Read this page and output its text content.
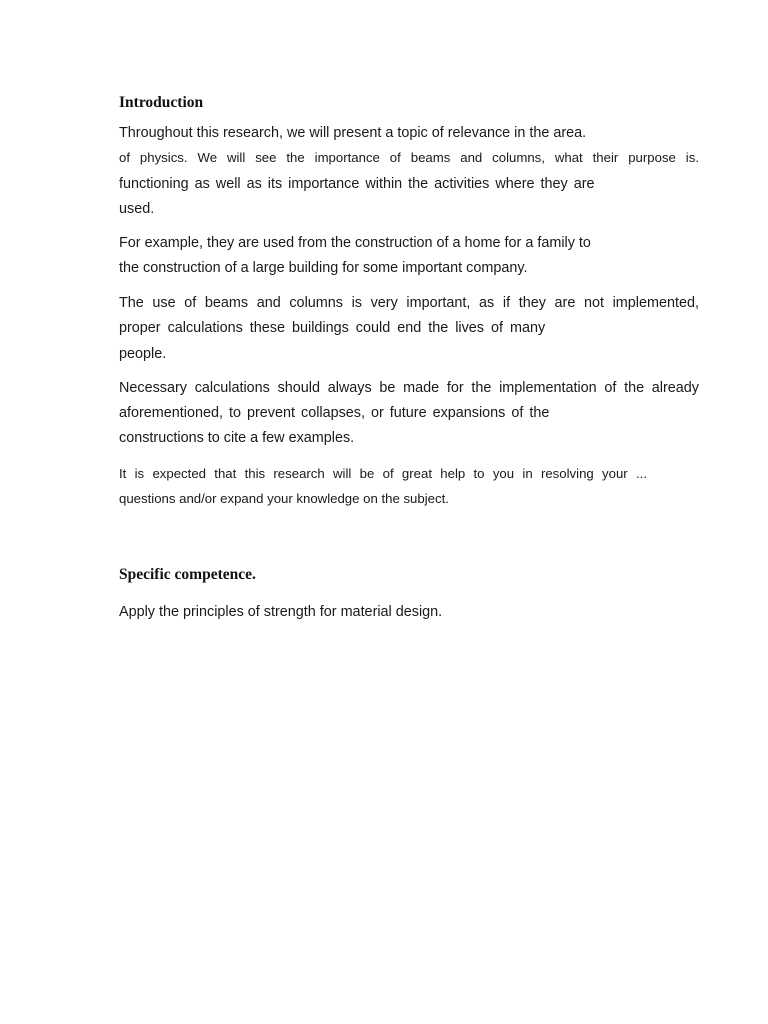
Introduction

Throughout this research, we will present a topic of relevance in the area.

of physics. We will see the importance of beams and columns, what their purpose is.

functioning as well as its importance within the activities where they are

used.

For example, they are used from the construction of a home for a family to

the construction of a large building for some important company.

The use of beams and columns is very important, as if they are not implemented,

proper calculations these buildings could end the lives of many

people.

Necessary calculations should always be made for the implementation of the already

aforementioned, to prevent collapses, or future expansions of the

constructions to cite a few examples.

It is expected that this research will be of great help to you in resolving your ...

questions and/or expand your knowledge on the subject.

Specific competence.

Apply the principles of strength for material design.
